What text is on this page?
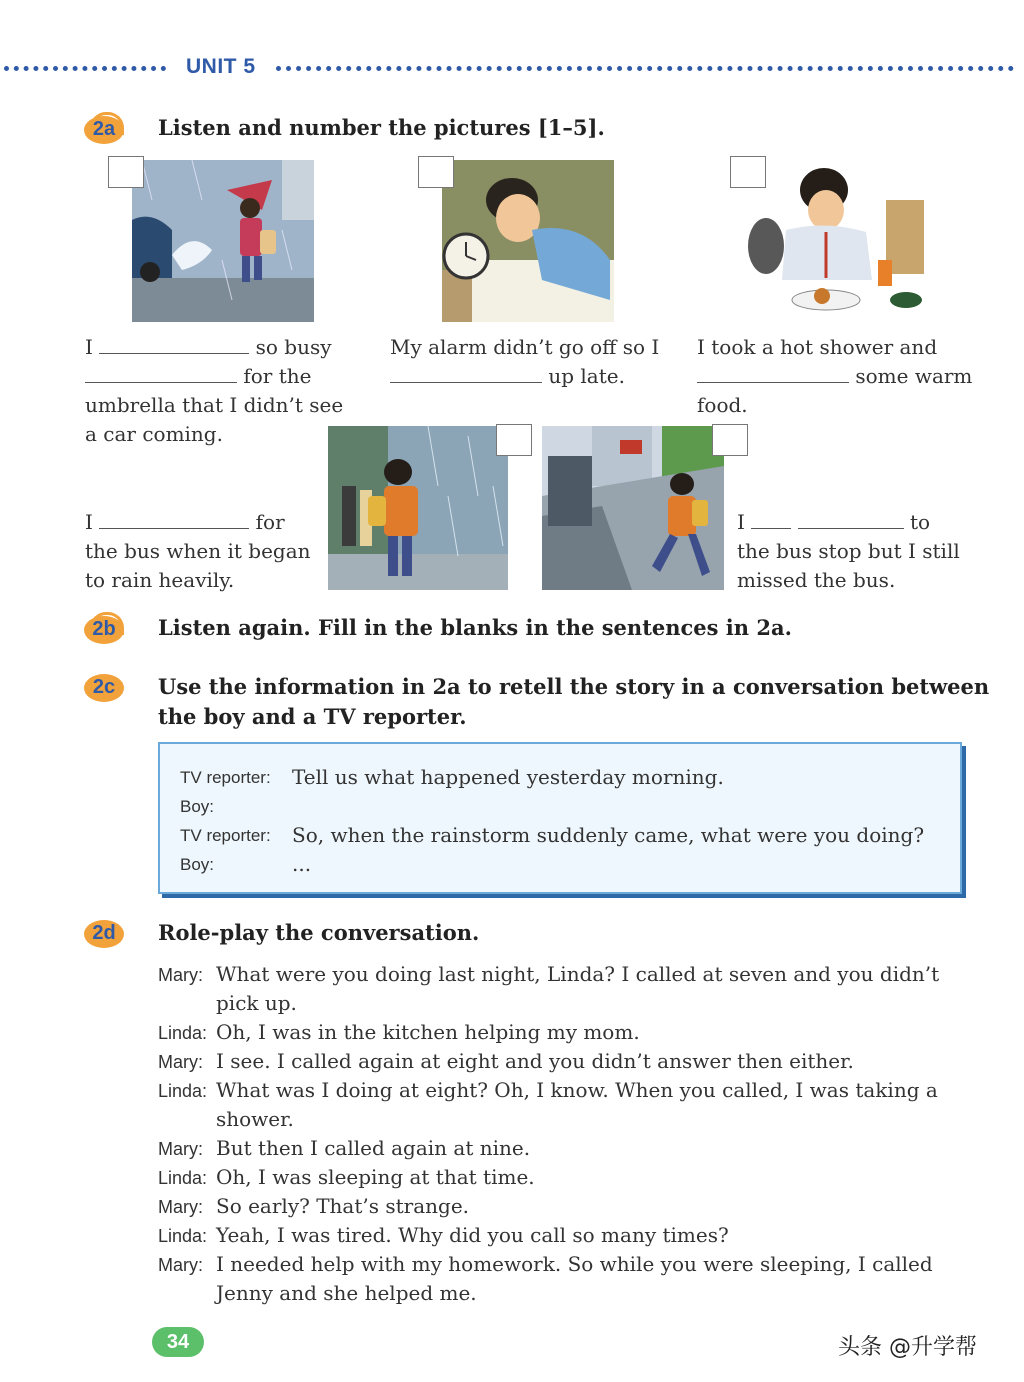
UNIT 5
2a	Listen and number the pictures [1–5].
I	so busy
for the
umbrella that I didn’t see
a car coming.
My alarm didn’t go off so I
up late.
I took a hot shower and
some warm
food.
I	for
the bus when it began
to rain heavily.
I	to
the bus stop but I still
missed the bus.
2b	Listen again. Fill in the blanks in the sentences in 2a.
2c	Use the information in 2a to retell the story in a conversation between
the boy and a TV reporter.
TV reporter: Tell us what happened yesterday morning.
Boy:
TV reporter: So, when the rainstorm suddenly came, what were you doing?
Boy:	...
2d	Role-play the conversation.
Mary: What were you doing last night, Linda? I called at seven and you didn’t
pick up.
Linda: Oh, I was in the kitchen helping my mom.
Mary: I see. I called again at eight and you didn’t answer then either.
Linda: What was I doing at eight? Oh, I know. When you called, I was taking a
shower.
Mary: But then I called again at nine.
Linda: Oh, I was sleeping at that time.
Mary: So early? That’s strange.
Linda: Yeah, I was tired. Why did you call so many times?
Mary: I needed help with my homework. So while you were sleeping, I called
Jenny and she helped me.
34	头条 @升学帮
